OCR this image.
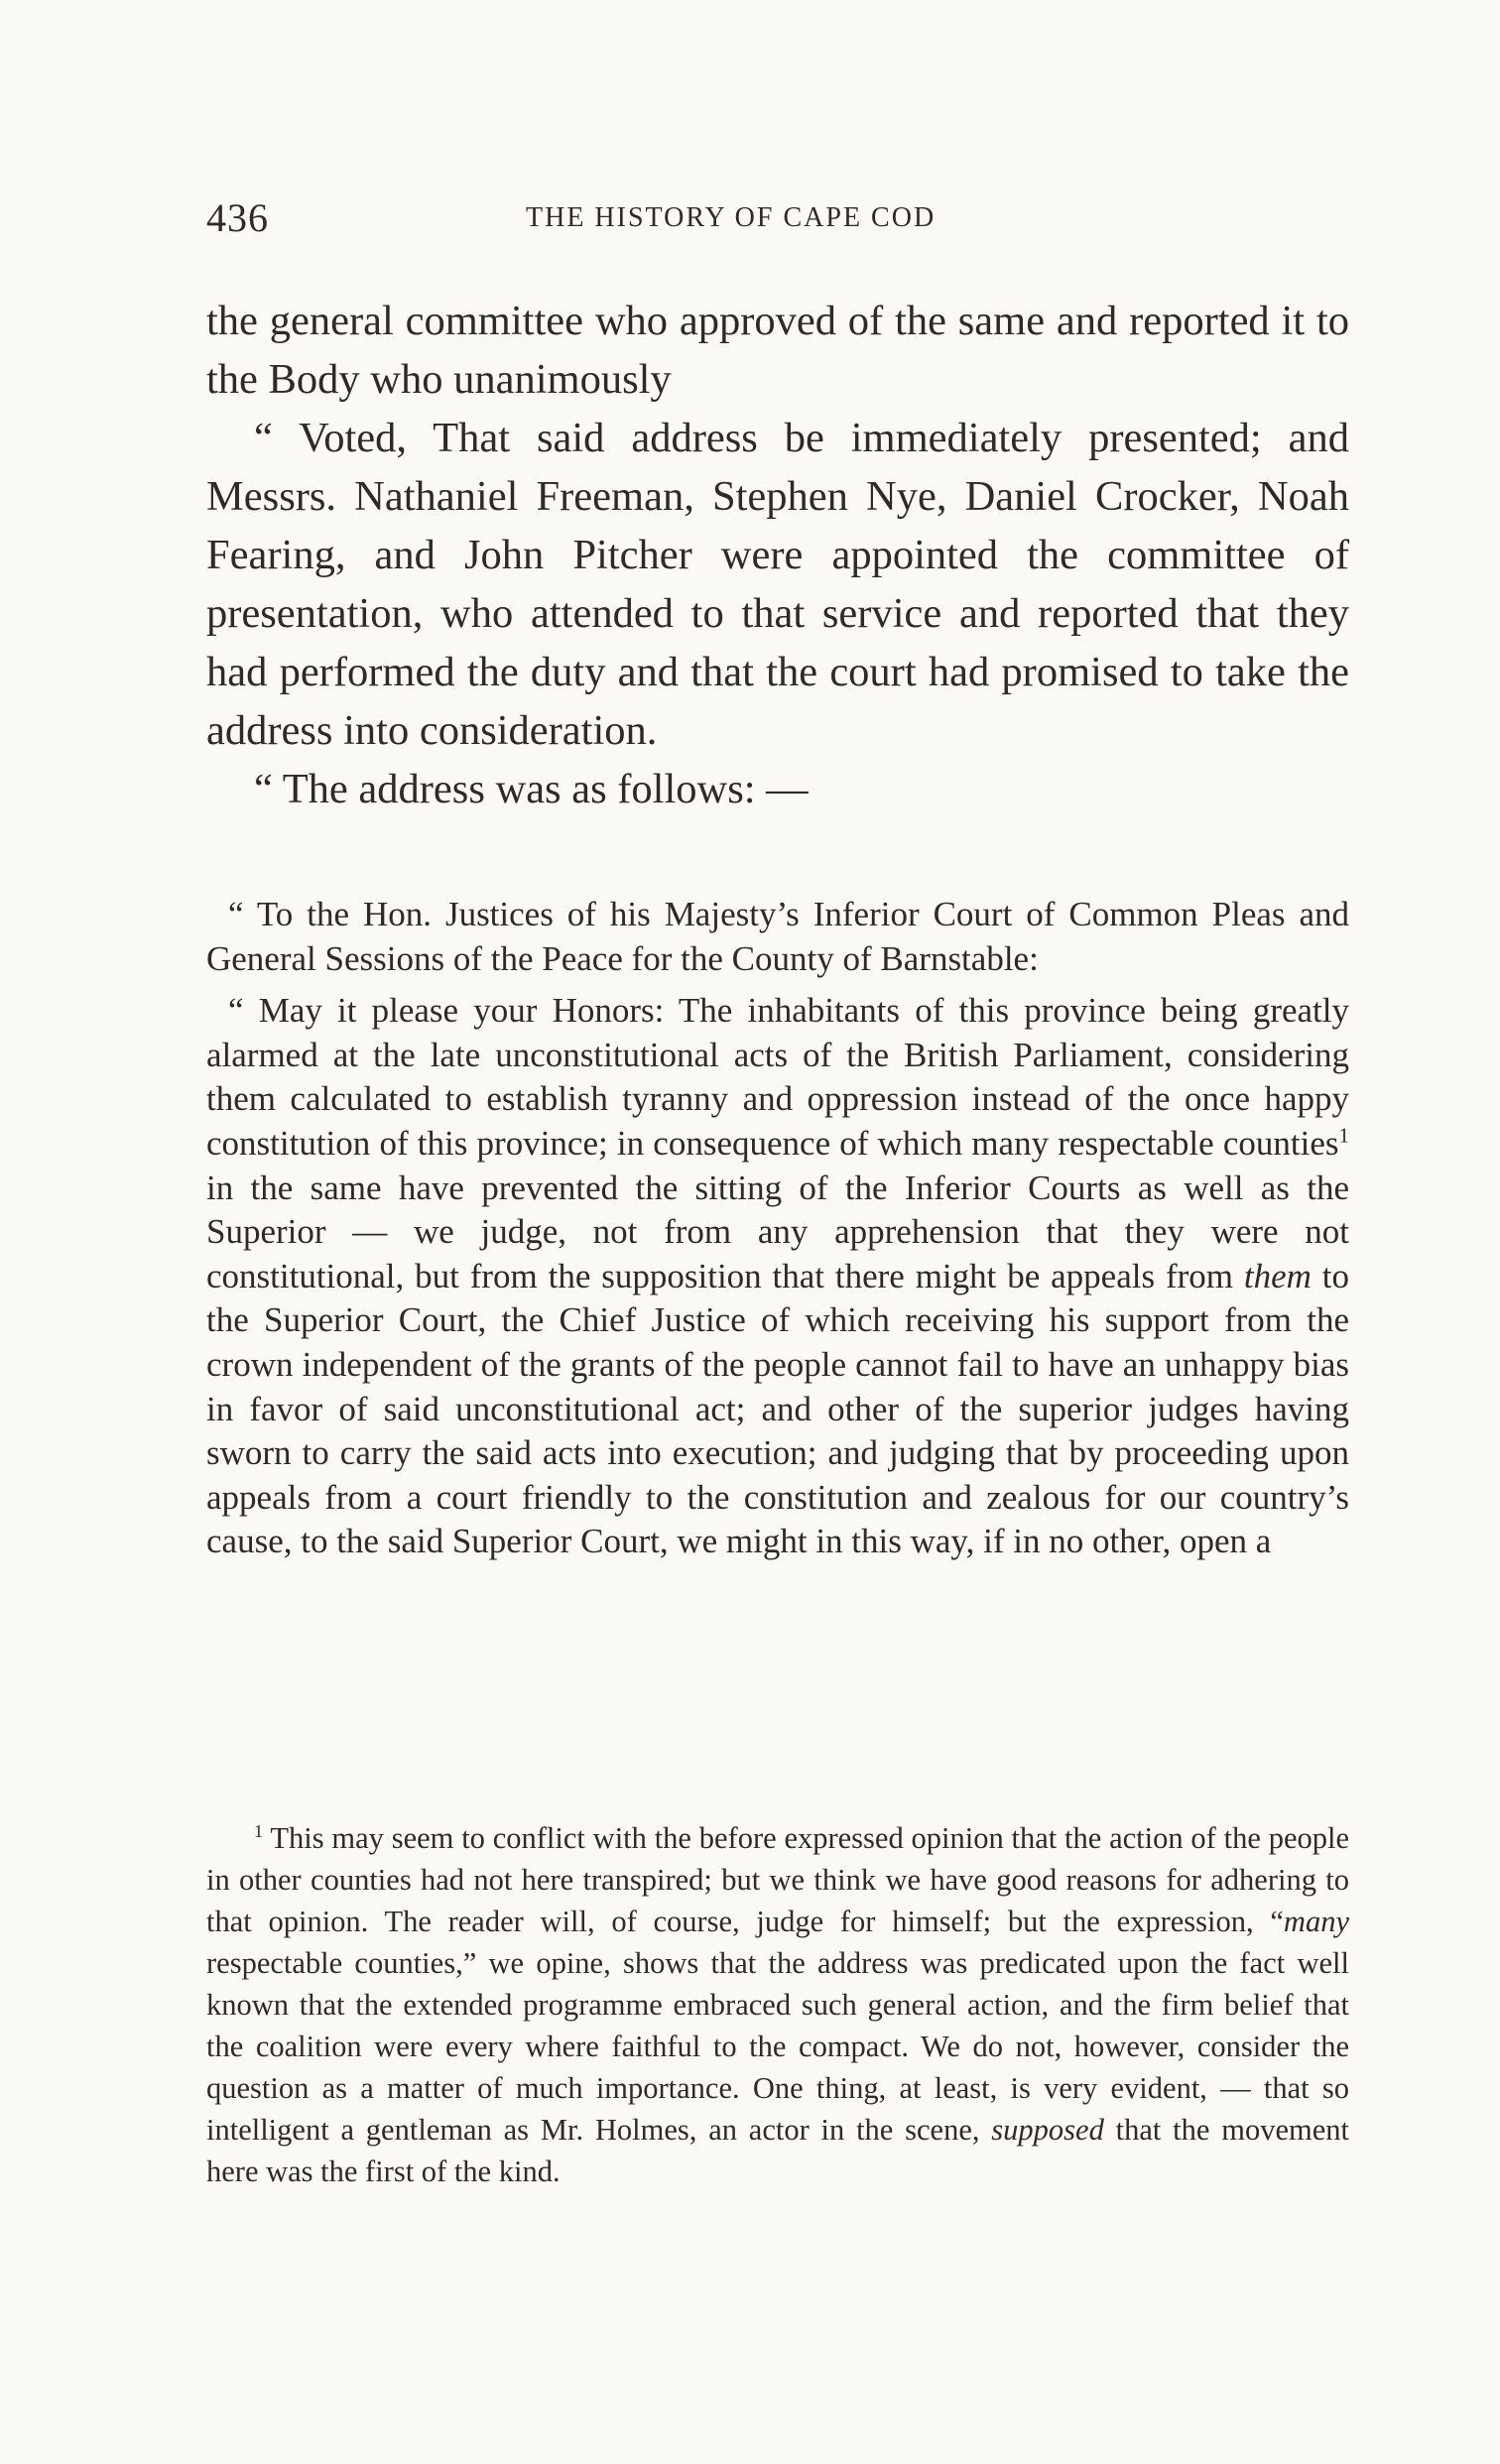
436	THE HISTORY OF CAPE COD

the general committee who approved of the same and reported it to the Body who unanimously

“ Voted, That said address be immediately presented; and Messrs. Nathaniel Freeman, Stephen Nye, Daniel Crocker, Noah Fearing, and John Pitcher were appointed the committee of presentation, who attended to that service and reported that they had performed the duty and that the court had promised to take the address into consideration.

“ The address was as follows: —

“ To the Hon. Justices of his Majesty’s Inferior Court of Common Pleas and General Sessions of the Peace for the County of Barnstable:

“ May it please your Honors: The inhabitants of this province being greatly alarmed at the late unconstitutional acts of the British Parliament, considering them calculated to establish tyranny and oppression instead of the once happy constitution of this province; in consequence of which many respectable counties$^1$ in the same have prevented the sitting of the Inferior Courts as well as the Superior — we judge, not from any apprehension that they were not constitutional, but from the supposition that there might be appeals from them to the Superior Court, the Chief Justice of which receiving his support from the crown independent of the grants of the people cannot fail to have an unhappy bias in favor of said unconstitutional act; and other of the superior judges having sworn to carry the said acts into execution; and judging that by proceeding upon appeals from a court friendly to the constitution and zealous for our country’s cause, to the said Superior Court, we might in this way, if in no other, open a

$^1$ This may seem to conflict with the before expressed opinion that the action of the people in other counties had not here transpired; but we think we have good reasons for adhering to that opinion. The reader will, of course, judge for himself; but the expression, “many respectable counties,” we opine, shows that the address was predicated upon the fact well known that the extended programme embraced such general action, and the firm belief that the coalition were every where faithful to the compact. We do not, however, consider the question as a matter of much importance. One thing, at least, is very evident, — that so intelligent a gentleman as Mr. Holmes, an actor in the scene, supposed that the movement here was the first of the kind.
